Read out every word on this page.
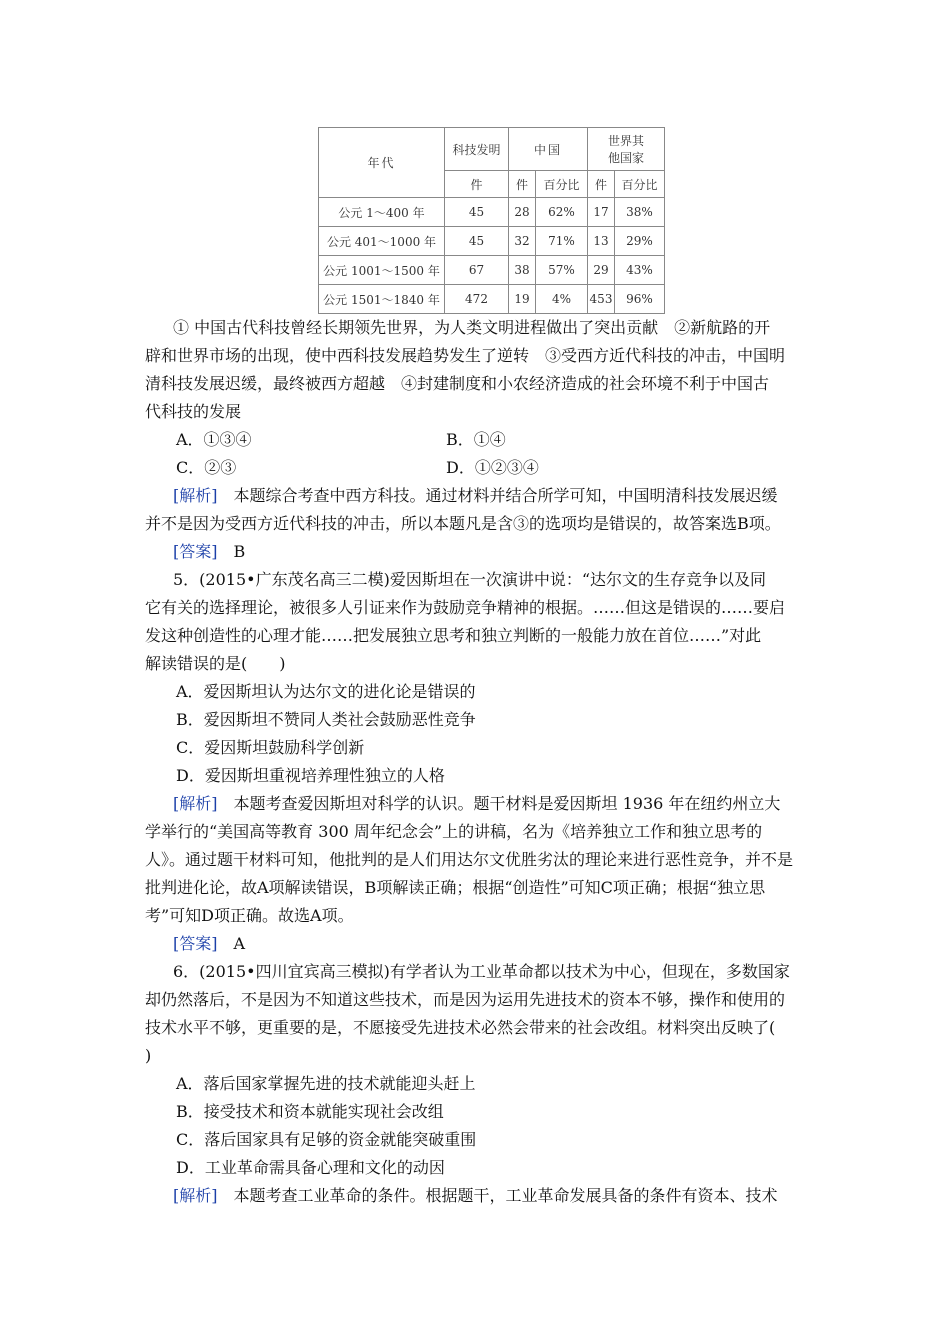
年代	科技发明	中国		世界其
他国家	

	件	件	百分比	件	百分比
公元 1～400 年	45	28	62%	17	38%
公元 401～1000 年	45	32	71%	13	29%
公元 1001～1500 年	67	38	57%	29	43%
公元 1501～1840 年	472	19	4%	453	96%
① 中国古代科技曾经长期领先世界，为人类文明进程做出了突出贡献　②新航路的开
辟和世界市场的出现，使中西科技发展趋势发生了逆转　③受西方近代科技的冲击，中国明
清科技发展迟缓，最终被西方超越　④封建制度和小农经济造成的社会环境不利于中国古
代科技的发展
A．①③④	B．①④
C．②③	D．①②③④
[解析]　本题综合考查中西方科技。通过材料并结合所学可知，中国明清科技发展迟缓
并不是因为受西方近代科技的冲击，所以本题凡是含③的选项均是错误的，故答案选B项。
[答案]　B
5．(2015•广东茂名高三二模)爱因斯坦在一次演讲中说：“达尔文的生存竞争以及同
它有关的选择理论，被很多人引证来作为鼓励竞争精神的根据。……但这是错误的……要启
发这种创造性的心理才能……把发展独立思考和独立判断的一般能力放在首位……”对此
解读错误的是(　　)
A．爱因斯坦认为达尔文的进化论是错误的
B．爱因斯坦不赞同人类社会鼓励恶性竞争
C．爱因斯坦鼓励科学创新
D．爱因斯坦重视培养理性独立的人格
[解析]　本题考查爱因斯坦对科学的认识。题干材料是爱因斯坦 1936 年在纽约州立大
学举行的“美国高等教育 300 周年纪念会”上的讲稿，名为《培养独立工作和独立思考的
人》。通过题干材料可知，他批判的是人们用达尔文优胜劣汰的理论来进行恶性竞争，并不是
批判进化论，故A项解读错误，B项解读正确；根据“创造性”可知C项正确；根据“独立思
考”可知D项正确。故选A项。
[答案]　A
6．(2015•四川宜宾高三模拟)有学者认为工业革命都以技术为中心，但现在，多数国家
却仍然落后，不是因为不知道这些技术，而是因为运用先进技术的资本不够，操作和使用的
技术水平不够，更重要的是，不愿接受先进技术必然会带来的社会改组。材料突出反映了(
)
A．落后国家掌握先进的技术就能迎头赶上
B．接受技术和资本就能实现社会改组
C．落后国家具有足够的资金就能突破重围
D．工业革命需具备心理和文化的动因
[解析]　本题考查工业革命的条件。根据题干，工业革命发展具备的条件有资本、技术
